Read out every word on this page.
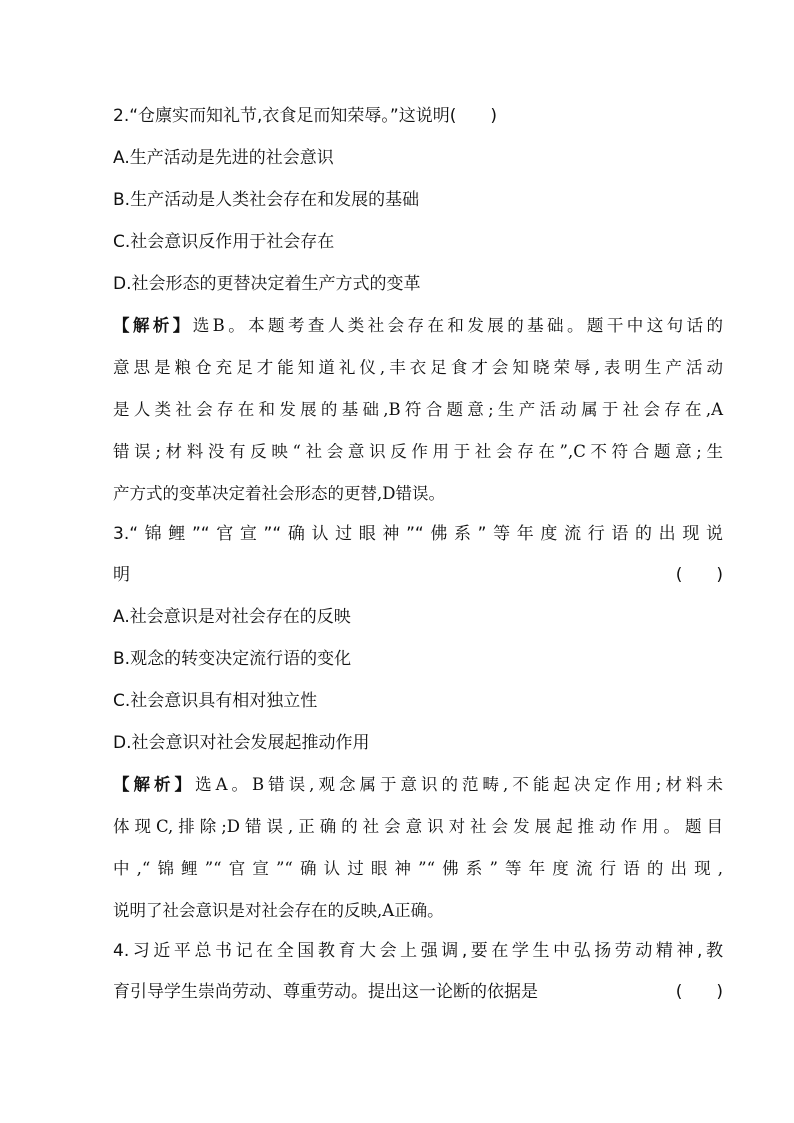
2.“仓廪实而知礼节,衣食足而知荣辱。”这说明(　　)
A.生产活动是先进的社会意识
B.生产活动是人类社会存在和发展的基础
C.社会意识反作用于社会存在
D.社会形态的更替决定着生产方式的变革
【解析】选B。本题考查人类社会存在和发展的基础。题干中这句话的
意思是粮仓充足才能知道礼仪,丰衣足食才会知晓荣辱,表明生产活动
是人类社会存在和发展的基础,B符合题意;生产活动属于社会存在,A
错误;材料没有反映“社会意识反作用于社会存在”,C不符合题意;生
产方式的变革决定着社会形态的更替,D错误。
3.“锦鲤”“官宣”“确认过眼神”“佛系”等年度流行语的出现说
明	(　　)
A.社会意识是对社会存在的反映
B.观念的转变决定流行语的变化
C.社会意识具有相对独立性
D.社会意识对社会发展起推动作用
【解析】选A。B错误,观念属于意识的范畴,不能起决定作用;材料未
体现C,排除;D错误,正确的社会意识对社会发展起推动作用。题目
中,“锦鲤”“官宣”“确认过眼神”“佛系”等年度流行语的出现,
说明了社会意识是对社会存在的反映,A正确。
4.习近平总书记在全国教育大会上强调,要在学生中弘扬劳动精神,教
育引导学生崇尚劳动、尊重劳动。提出这一论断的依据是	(　　)
